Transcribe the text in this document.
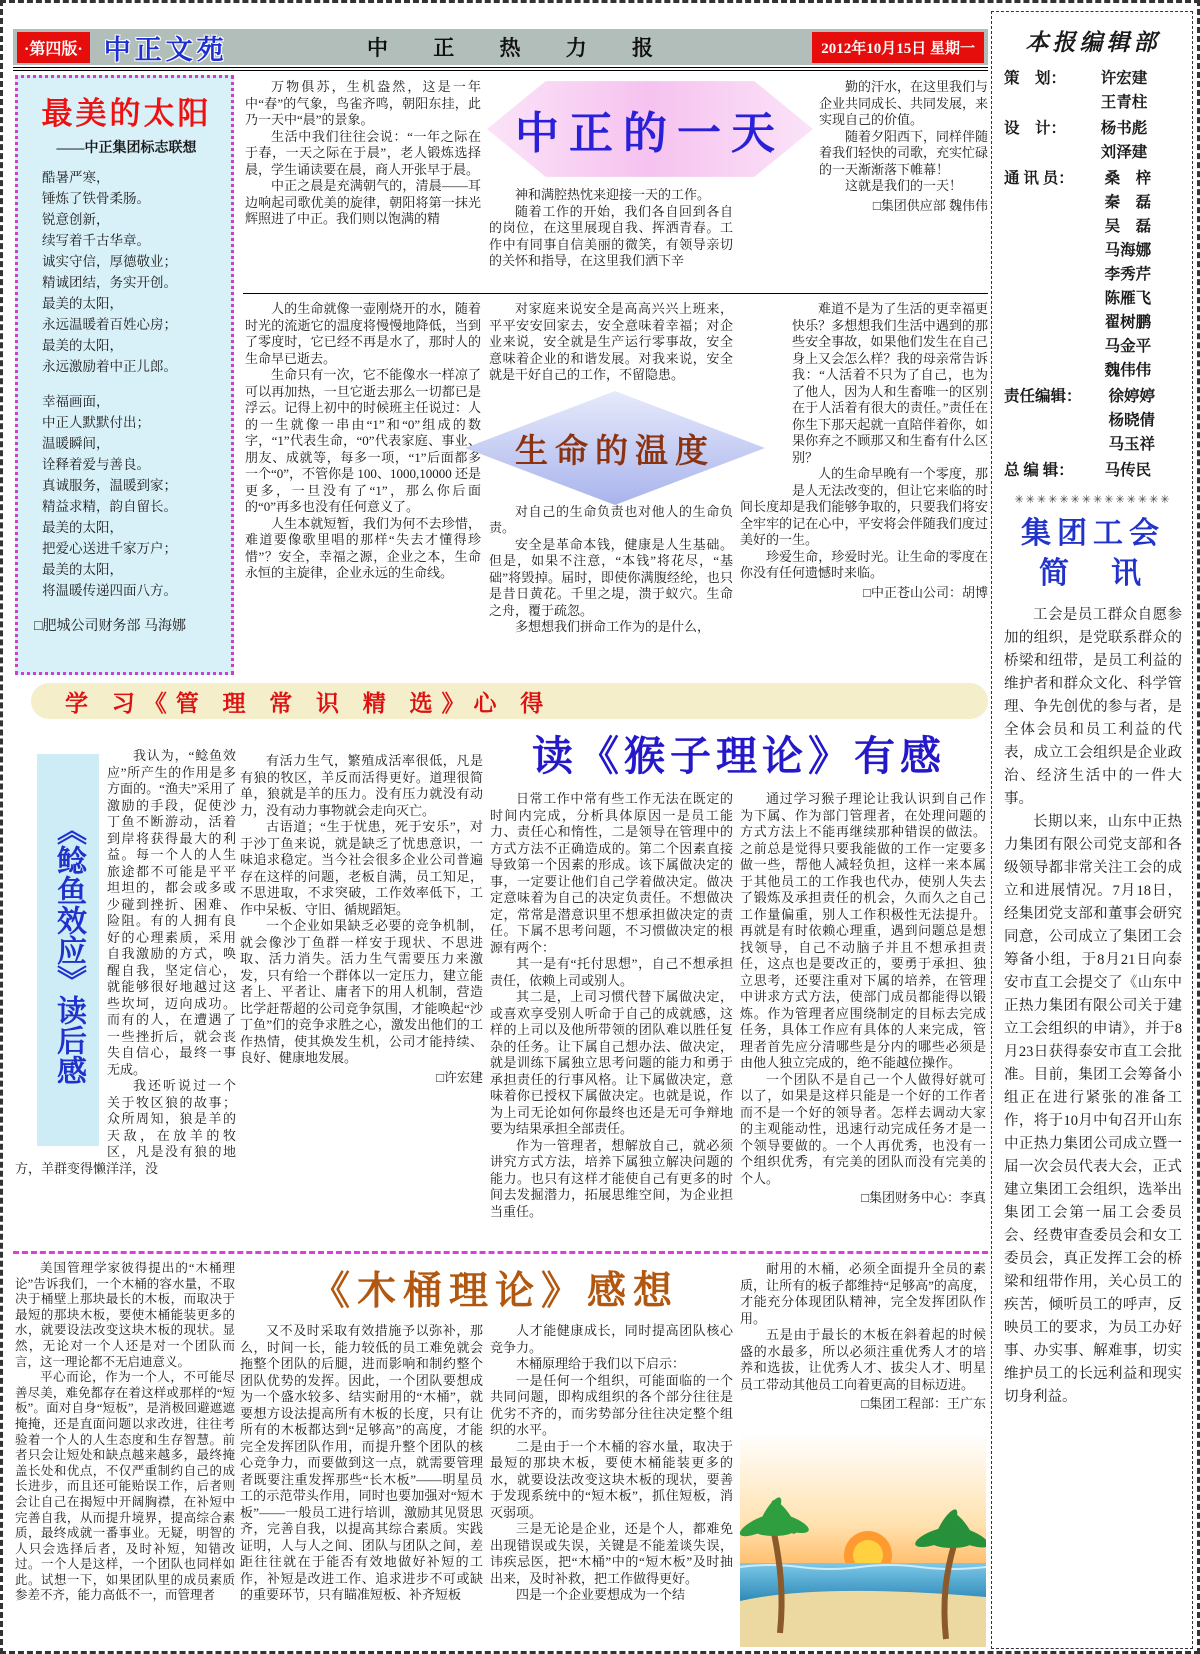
·第四版· 中正文苑	中 正 热 力 报	2012年10月15日 星期一
最美的太阳
——中正集团标志联想

酷暑严寒，

锤炼了铁骨柔肠。

锐意创新，

续写着千古华章。

诚实守信，厚德敬业；

精诚团结，务实开创。

最美的太阳，

永远温暖着百姓心房；

最美的太阳，

永远激励着中正儿郎。

幸福画面，

中正人默默付出；

温暖瞬间，

诠释着爱与善良。

真诚服务，温暖到家；

精益求精，韵自留长。

最美的太阳，

把爱心送进千家万户；

最美的太阳，

将温暖传递四面八方。

□肥城公司财务部 马海娜

万物俱苏，生机盎然，这是一年中“春”的气象，鸟雀齐鸣，朝阳东挂，此乃一天中“晨”的景象。

生活中我们往往会说：“一年之际在于春，一天之际在于晨”，老人锻炼选择晨，学生诵读要在晨，商人开张早于晨。

中正之晨是充满朝气的，清晨——耳边响起司歌优美的旋律，朝阳将第一抹光辉照进了中正。我们则以饱满的精

中正的一天

神和满腔热忱来迎接一天的工作。

随着工作的开始，我们各自回到各自的岗位，在这里展现自我、挥洒青春。工作中有同事自信美丽的微笑，有领导亲切的关怀和指导，在这里我们洒下辛

勤的汗水，在这里我们与企业共同成长、共同发展，来实现自己的价值。

随着夕阳西下，同样伴随着我们轻快的司歌，充实忙碌的一天渐渐落下帷幕！

这就是我们的一天！

□集团供应部 魏伟伟

人的生命就像一壶刚烧开的水，随着时光的流逝它的温度将慢慢地降低，当到了零度时，它已经不再是水了，那时人的生命早已逝去。

生命只有一次，它不能像水一样凉了可以再加热，一旦它逝去那么一切都已是浮云。记得上初中的时候班主任说过：人的一生就像一串由“1”和“0”组成的数字，“1”代表生命，“0”代表家庭、事业、朋友、成就等，每多一项，“1”后面都多一个“0”，不管你是 100、1000,10000 还是更多，一旦没有了“1”，那么你后面的“0”再多也没有任何意义了。

人生本就短暂，我们为何不去珍惜，难道要像歌里唱的那样“失去才懂得珍惜”？安全，幸福之源，企业之本，生命永恒的主旋律，企业永远的生命线。

对家庭来说安全是高高兴兴上班来，平平安安回家去，安全意味着幸福；对企业来说，安全就是生产运行零事故，安全意味着企业的和谐发展。对我来说，安全就是干好自己的工作，不留隐患。

对自己的生命负责也对他人的生命负责。

安全是革命本钱，健康是人生基础。但是，如果不注意，“本钱”将花尽，“基础”将毁掉。届时，即使你满腹经纶，也只是昔日黄花。千里之堤，溃于蚁穴。生命之舟，覆于疏忽。

多想想我们拼命工作为的是什么，

生命的温度

难道不是为了生活的更幸福更快乐？多想想我们生活中遇到的那些安全事故，如果他们发生在自己身上又会怎么样？我的母亲常告诉我：“人活着不只为了自己，也为了他人，因为人和生畜唯一的区别在于人活着有很大的责任。”责任在你生下那天起就一直陪伴着你，如果你弃之不顾那又和生畜有什么区别？

人的生命早晚有一个零度，那是人无法改变的，但让它来临的时间长度却是我们能够争取的，只要我们将安全牢牢的记在心中，平安将会伴随我们度过美好的一生。

珍爱生命，珍爱时光。让生命的零度在你没有任何遗憾时来临。

□中正苍山公司：胡博

学 习《管 理 常 识 精 选》心 得
《鲶鱼效应》读后感

我认为，“鲶鱼效应”所产生的作用是多方面的。“渔夫”采用了激励的手段，促使沙丁鱼不断游动，活着到岸将获得最大的利益。每一个人的人生旅途都不可能是平平坦坦的，都会或多或少碰到挫折、困难、险阻。有的人拥有良好的心理素质，采用自我激励的方式，唤醒自我，坚定信心，就能够很好地越过这些坎坷，迈向成功。而有的人，在遭遇了一些挫折后，就会丧失自信心，最终一事无成。

我还听说过一个关于牧区狼的故事；众所周知，狼是羊的天敌，在放羊的牧区，凡是没有狼的地方，羊群变得懒洋洋，没

有活力生气，繁殖成活率很低，凡是有狼的牧区，羊反而活得更好。道理很简单，狼就是羊的压力。没有压力就没有动力，没有动力事物就会走向灭亡。

古语道；“生于忧患，死于安乐”，对于沙丁鱼来说，就是缺乏了忧患意识，一味追求稳定。当今社会很多企业公司普遍存在这样的问题，老板自满，员工知足，不思进取，不求突破，工作效率低下，工作中呆板、守旧、循规蹈矩。

一个企业如果缺乏必要的竞争机制，就会像沙丁鱼群一样安于现状、不思进取、活力消失。活力生气需要压力来激发，只有给一个群体以一定压力，建立能者上、平者让、庸者下的用人机制，营造比学赶帮超的公司竞争氛围，才能唤起“沙丁鱼”们的竞争求胜之心，激发出他们的工作热情，使其焕发生机，公司才能持续、良好、健康地发展。

□许宏建

读《猴子理论》有感

日常工作中常有些工作无法在既定的时间内完成，分析具体原因一是员工能力、责任心和惰性，二是领导在管理中的方式方法不正确造成的。第二个因素直接导致第一个因素的形成。该下属做决定的事，一定要让他们自己学着做决定。做决定意味着为自己的决定负责任。不想做决定，常常是潜意识里不想承担做决定的责任。下属不思考问题，不习惯做决定的根源有两个：

其一是有“托付思想”，自己不想承担责任，依赖上司或别人。

其二是，上司习惯代替下属做决定，或喜欢享受别人听命于自己的成就感，这样的上司以及他所带领的团队难以胜任复杂的任务。让下属自己想办法、做决定，就是训练下属独立思考问题的能力和勇于承担责任的行事风格。让下属做决定，意味着你已授权下属做决定。也就是说，作为上司无论如何你最终也还是无可争辩地要为结果承担全部责任。

作为一管理者，想解放自己，就必须讲究方式方法，培养下属独立解决问题的能力。也只有这样才能使自己有更多的时间去发掘潜力，拓展思维空间，为企业担当重任。

通过学习猴子理论让我认识到自己作为下属、作为部门管理者，在处理问题的方式方法上不能再继续那种错误的做法。之前总是觉得只要我能做的工作一定要多做一些，帮他人减轻负担，这样一来本属于其他员工的工作我也代办，使别人失去了锻炼及承担责任的机会，久而久之自己工作量偏重，别人工作积极性无法提升。再就是有时依赖心理重，遇到问题总是想找领导，自己不动脑子并且不想承担责任，这点也是要改正的，要勇于承担、独立思考，还要注重对下属的培养，在管理中讲求方式方法，使部门成员都能得以锻炼。作为管理者应围绕制定的目标去完成任务，具体工作应有具体的人来完成，管理者首先应分清哪些是分内的哪些必须是由他人独立完成的，绝不能越位操作。

一个团队不是自己一个人做得好就可以了，如果是这样只能是一个好的工作者而不是一个好的领导者。怎样去调动大家的主观能动性，迅速行动完成任务才是一个领导要做的。一个人再优秀，也没有一个组织优秀，有完美的团队而没有完美的个人。

□集团财务中心：李真

美国管理学家彼得提出的“木桶理论”告诉我们，一个木桶的容水量，不取决于桶壁上那块最长的木板，而取决于最短的那块木板，要使木桶能装更多的水，就要设法改变这块木板的现状。显然，无论对一个人还是对一个团队而言，这一理论都不无启迪意义。

平心而论，作为一个人，不可能尽善尽美，难免都存在着这样或那样的“短板”。面对自身“短板”，是消极回避遮遮掩掩，还是直面问题以求改进，往往考验着一个人的人生态度和生存智慧。前者只会让短处和缺点越来越多，最终掩盖长处和优点，不仅严重制约自己的成长进步，而且还可能贻误工作，后者则会让自己在揭短中开阔胸襟，在补短中完善自我，从而提升境界，提高综合素质，最终成就一番事业。无疑，明智的人只会选择后者，及时补短，知错改过。一个人是这样，一个团队也同样如此。试想一下，如果团队里的成员素质参差不齐，能力高低不一，而管理者

《木桶理论》感想

又不及时采取有效措施予以弥补，那么，时间一长，能力较低的员工难免就会拖整个团队的后腿，进而影响和制约整个团队优势的发挥。因此，一个团队要想成为一个盛水较多、结实耐用的“木桶”，就要想方设法提高所有木板的长度，只有让所有的木板都达到“足够高”的高度，才能完全发挥团队作用，而提升整个团队的核心竞争力，而要做到这一点，就需要管理者既要注重发挥那些“长木板”——明星员工的示范带头作用，同时也要加强对“短木板”——一般员工进行培训，激励其见贤思齐，完善自我，以提高其综合素质。实践证明，人与人之间、团队与团队之间，差距往往就在于能否有效地做好补短的工作，补短是改进工作、追求进步不可或缺的重要环节，只有瞄准短板、补齐短板

人才能健康成长，同时提高团队核心竞争力。

木桶原理给于我们以下启示：

一是任何一个组织，可能面临的一个共同问题，即构成组织的各个部分往往是优劣不齐的，而劣势部分往往决定整个组织的水平。

二是由于一个木桶的容水量，取决于最短的那块木板，要使木桶能装更多的水，就要设法改变这块木板的现状，要善于发现系统中的“短木板”，抓住短板，消灭弱项。

三是无论是企业，还是个人，都难免出现错误或失误，关键是不能羞谈失误，讳疾忌医，把“木桶”中的“短木板”及时抽出来，及时补救，把工作做得更好。

四是一个企业要想成为一个结

耐用的木桶，必须全面提升全员的素质，让所有的板子都维持“足够高”的高度，才能充分体现团队精神，完全发挥团队作用。

五是由于最长的木板在斜着起的时候盛的水最多，所以必须注重优秀人才的培养和选拔，让优秀人才、拔尖人才、明星员工带动其他员工向着更高的目标迈进。

□集团工程部：王广东

本报编辑部
策　划：	许宏建

王青柱

设　计：	杨书彪

刘泽建

通 讯 员：	桑　梓

秦　磊

吴　磊

马海娜

李秀芹

陈雁飞

翟树鹏

马金平

魏伟伟

责任编辑：	徐婷婷

杨晓倩

马玉祥

总 编 辑：	马传民

✳✳✳✳✳✳✳✳✳✳✳✳✳✳
集团工会
简　讯

工会是员工群众自愿参加的组织，是党联系群众的桥梁和纽带，是员工利益的维护者和群众文化、科学管理、争先创优的参与者，是全体会员和员工利益的代表，成立工会组织是企业政治、经济生活中的一件大事。

长期以来，山东中正热力集团有限公司党支部和各级领导都非常关注工会的成立和进展情况。7月18日，经集团党支部和董事会研究同意，公司成立了集团工会筹备小组，于8月21日向泰安市直工会提交了《山东中正热力集团有限公司关于建立工会组织的申请》，并于8月23日获得泰安市直工会批准。目前，集团工会筹备小组正在进行紧张的准备工作，将于10月中旬召开山东中正热力集团公司成立暨一届一次会员代表大会，正式建立集团工会组织，选举出集团工会第一届工会委员会、经费审查委员会和女工委员会，真正发挥工会的桥梁和纽带作用，关心员工的疾苦，倾听员工的呼声，反映员工的要求，为员工办好事、办实事、解难事，切实维护员工的长远利益和现实切身利益。
